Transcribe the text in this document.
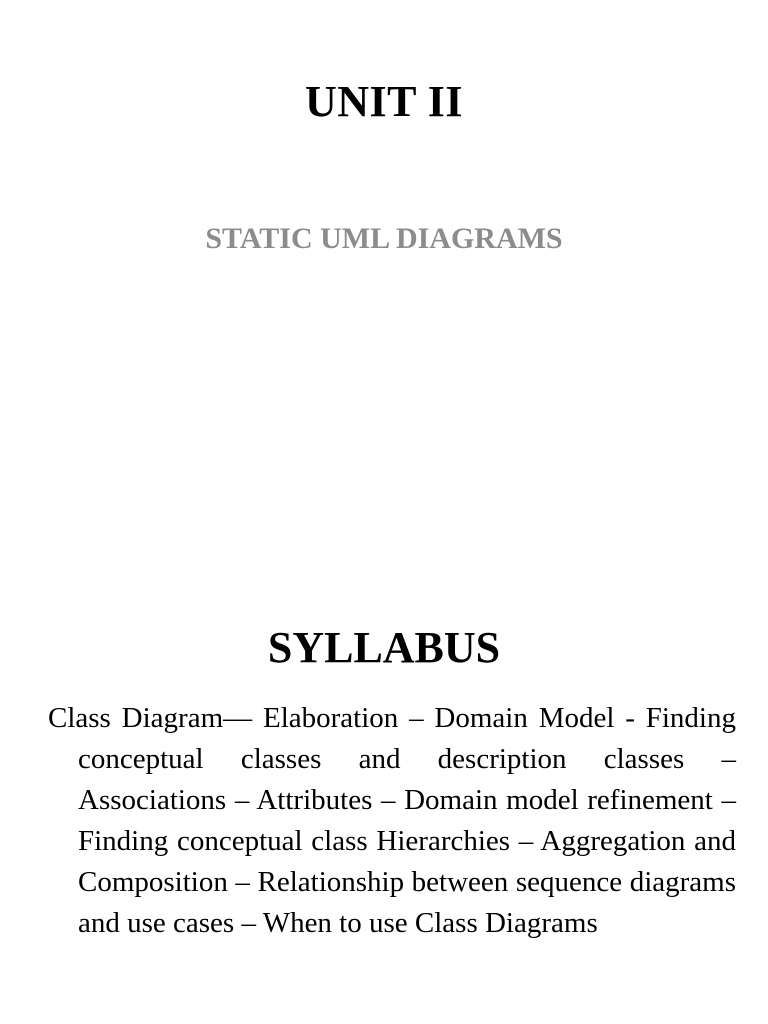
UNIT II
STATIC UML DIAGRAMS
SYLLABUS

Class Diagram–– Elaboration – Domain Model - Finding conceptual classes and description classes – Associations – Attributes – Domain model refinement – Finding conceptual class Hierarchies – Aggregation and Composition – Relationship between sequence diagrams and use cases – When to use Class Diagrams
